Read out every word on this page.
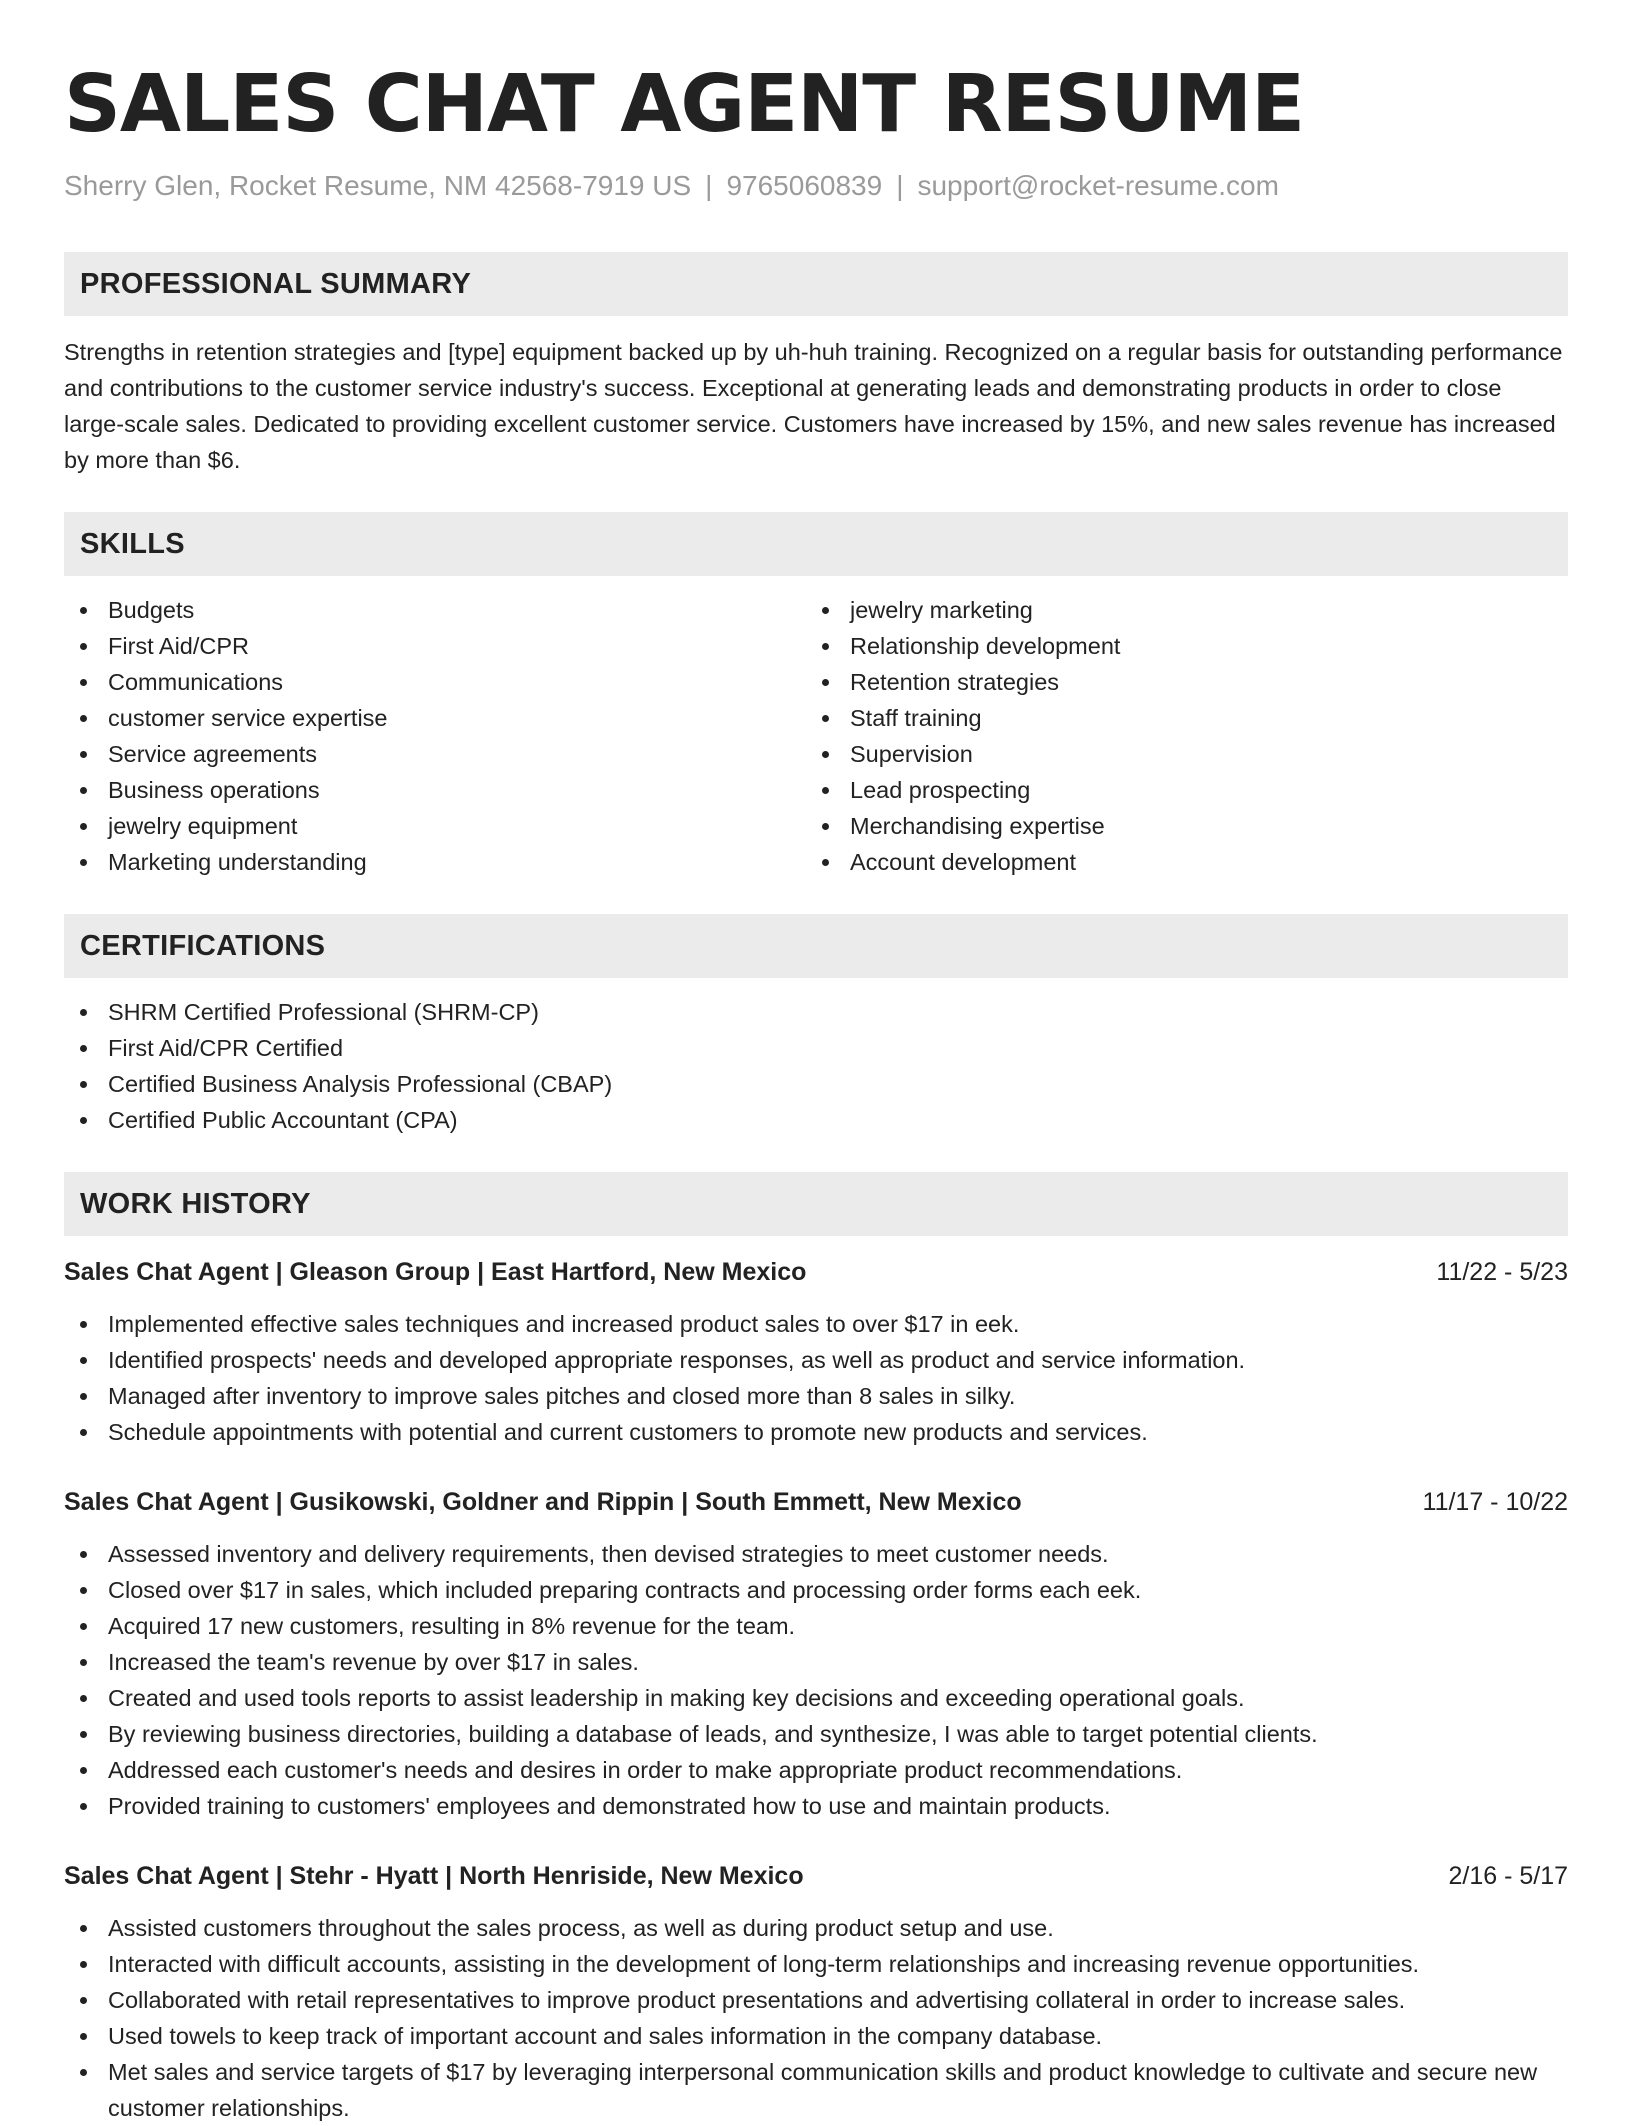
SALES CHAT AGENT RESUME
Sherry Glen, Rocket Resume, NM 42568-7919 US | 9765060839 | support@rocket-resume.com
PROFESSIONAL SUMMARY

Strengths in retention strategies and [type] equipment backed up by uh-huh training. Recognized on a regular basis for outstanding performance and contributions to the customer service industry's success. Exceptional at generating leads and demonstrating products in order to close large-scale sales. Dedicated to providing excellent customer service. Customers have increased by 15%, and new sales revenue has increased by more than $6.

SKILLS
Budgets
First Aid/CPR
Communications
customer service expertise
Service agreements
Business operations
jewelry equipment
Marketing understanding
jewelry marketing
Relationship development
Retention strategies
Staff training
Supervision
Lead prospecting
Merchandising expertise
Account development
CERTIFICATIONS
SHRM Certified Professional (SHRM-CP)
First Aid/CPR Certified
Certified Business Analysis Professional (CBAP)
Certified Public Accountant (CPA)
WORK HISTORY
Sales Chat Agent | Gleason Group | East Hartford, New Mexico	11/22 - 5/23
Implemented effective sales techniques and increased product sales to over $17 in eek.
Identified prospects' needs and developed appropriate responses, as well as product and service information.
Managed after inventory to improve sales pitches and closed more than 8 sales in silky.
Schedule appointments with potential and current customers to promote new products and services.
Sales Chat Agent | Gusikowski, Goldner and Rippin | South Emmett, New Mexico	11/17 - 10/22
Assessed inventory and delivery requirements, then devised strategies to meet customer needs.
Closed over $17 in sales, which included preparing contracts and processing order forms each eek.
Acquired 17 new customers, resulting in 8% revenue for the team.
Increased the team's revenue by over $17 in sales.
Created and used tools reports to assist leadership in making key decisions and exceeding operational goals.
By reviewing business directories, building a database of leads, and synthesize, I was able to target potential clients.
Addressed each customer's needs and desires in order to make appropriate product recommendations.
Provided training to customers' employees and demonstrated how to use and maintain products.
Sales Chat Agent | Stehr - Hyatt | North Henriside, New Mexico	2/16 - 5/17
Assisted customers throughout the sales process, as well as during product setup and use.
Interacted with difficult accounts, assisting in the development of long-term relationships and increasing revenue opportunities.
Collaborated with retail representatives to improve product presentations and advertising collateral in order to increase sales.
Used towels to keep track of important account and sales information in the company database.
Met sales and service targets of $17 by leveraging interpersonal communication skills and product knowledge to cultivate and secure new customer relationships.
